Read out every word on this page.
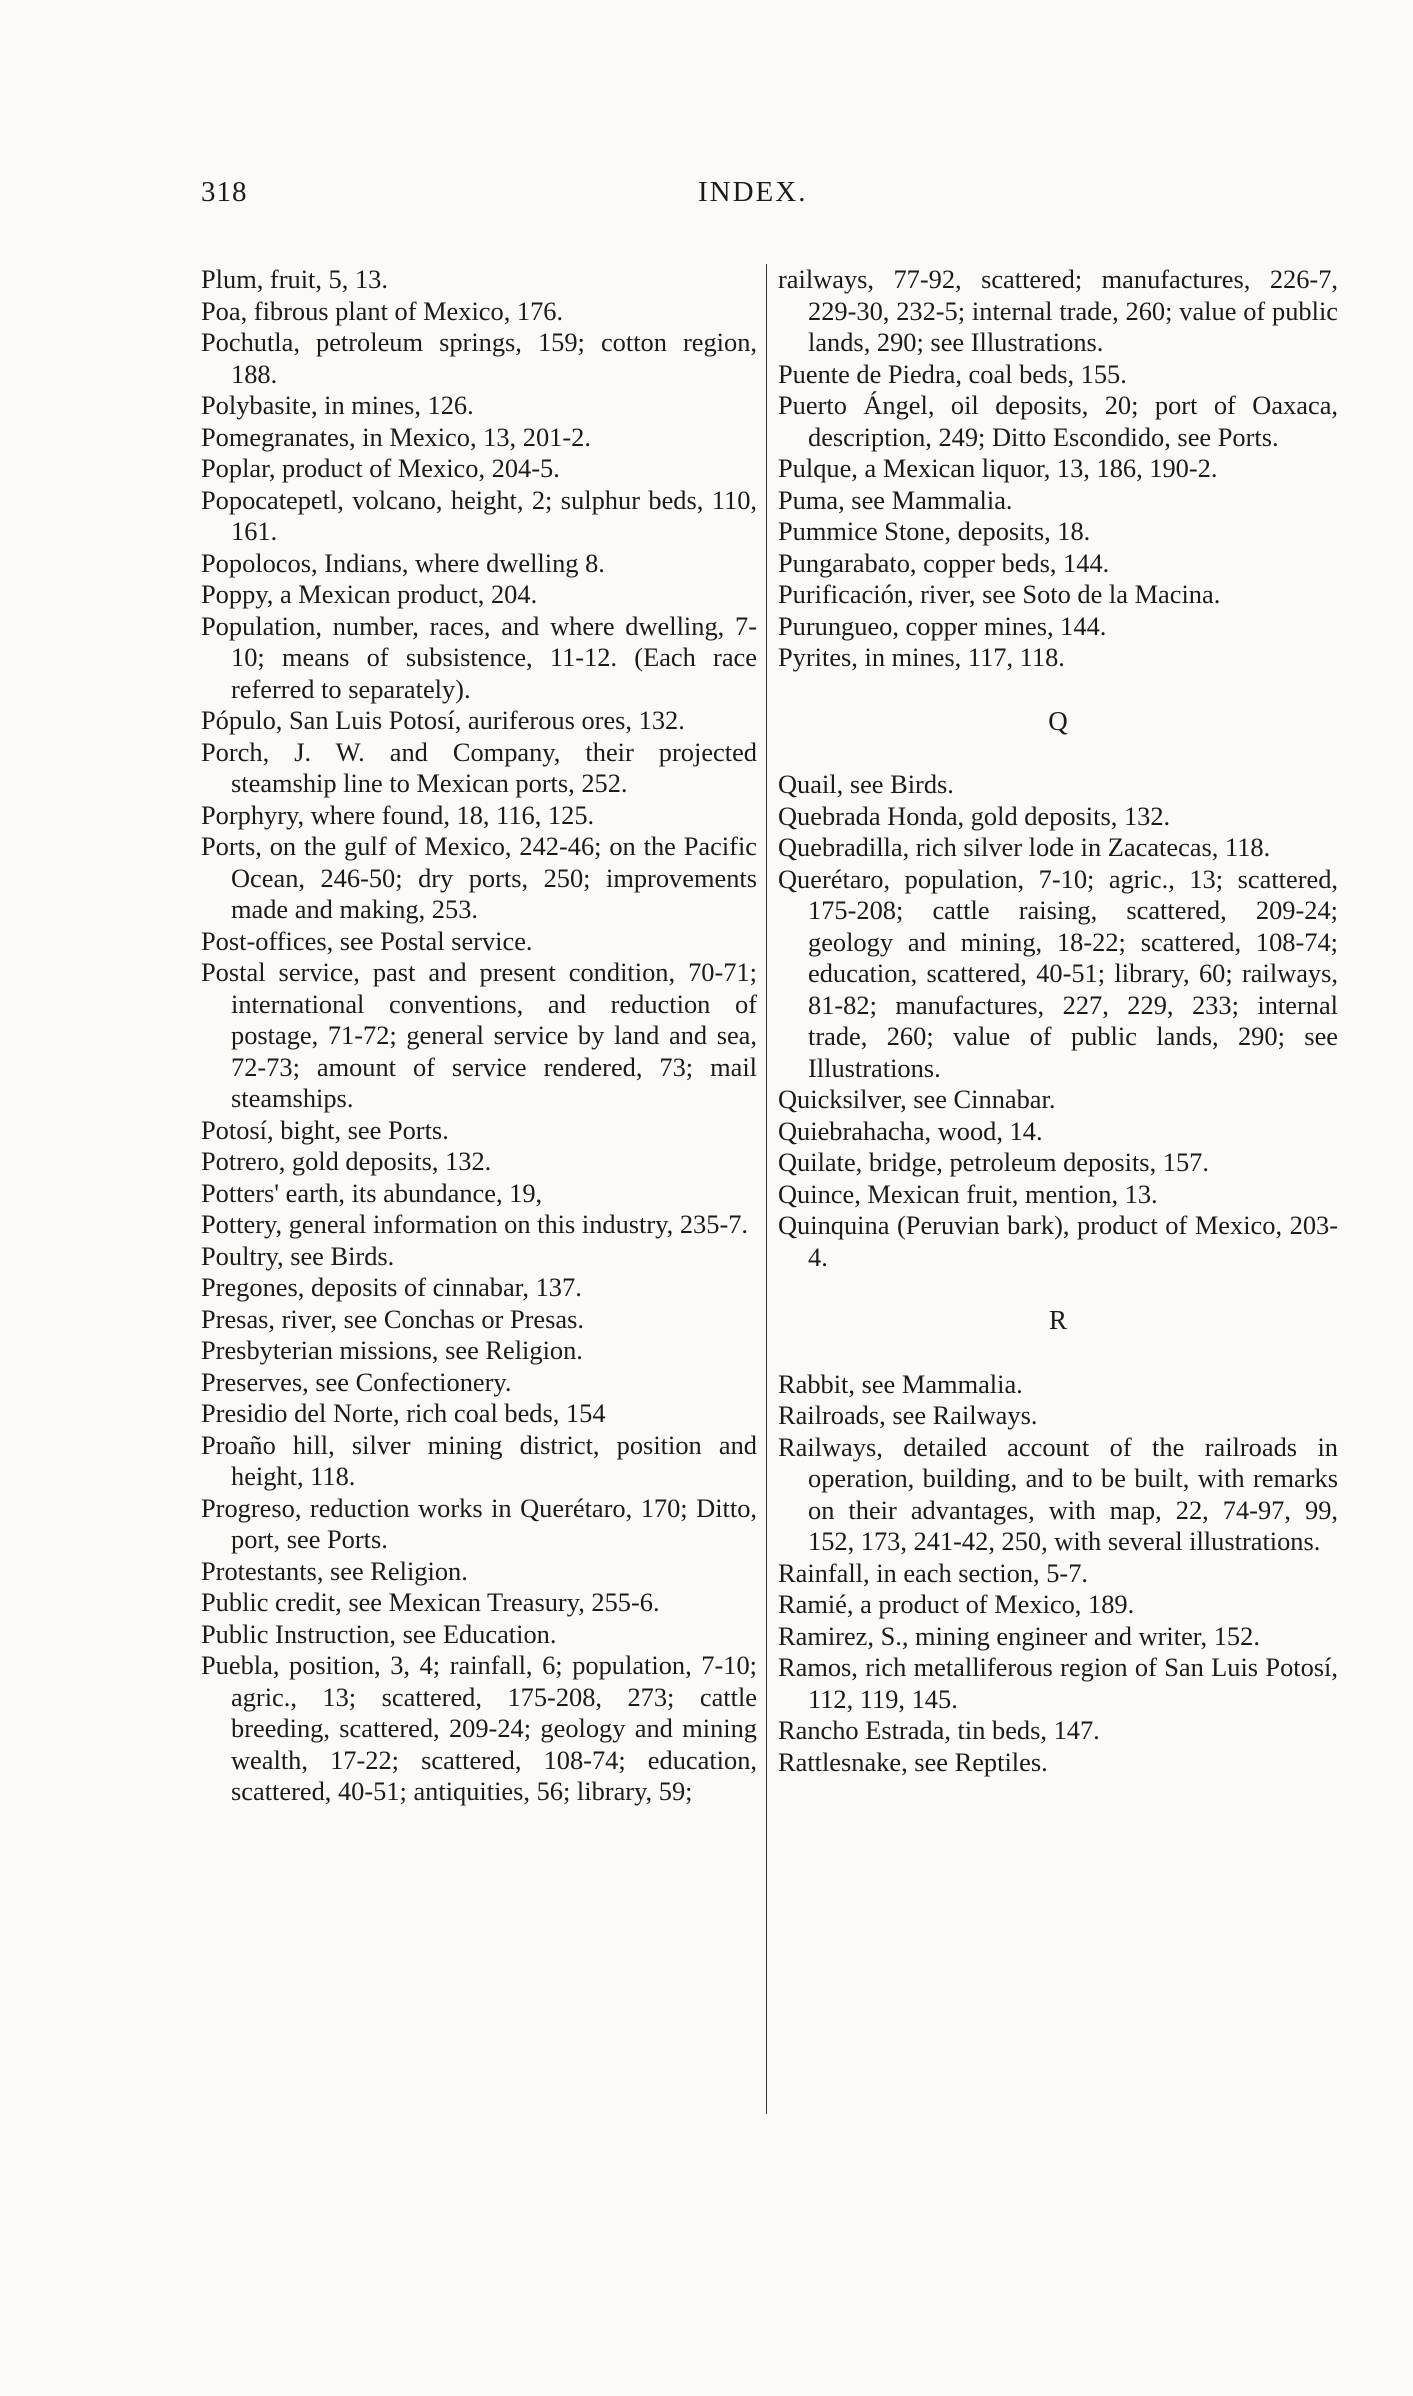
318	INDEX.

Plum, fruit, 5, 13.

Poa, fibrous plant of Mexico, 176.

Pochutla, petroleum springs, 159; cotton region, 188.

Polybasite, in mines, 126.

Pomegranates, in Mexico, 13, 201-2.

Poplar, product of Mexico, 204-5.

Popocatepetl, volcano, height, 2; sulphur beds, 110, 161.

Popolocos, Indians, where dwelling 8.

Poppy, a Mexican product, 204.

Population, number, races, and where dwelling, 7-10; means of subsistence, 11-12. (Each race referred to separately).

Pópulo, San Luis Potosí, auriferous ores, 132.

Porch, J. W. and Company, their projected steamship line to Mexican ports, 252.

Porphyry, where found, 18, 116, 125.

Ports, on the gulf of Mexico, 242-46; on the Pacific Ocean, 246-50; dry ports, 250; improvements made and making, 253.

Post-offices, see Postal service.

Postal service, past and present condition, 70-71; international conventions, and reduction of postage, 71-72; general service by land and sea, 72-73; amount of service rendered, 73; mail steamships.

Potosí, bight, see Ports.

Potrero, gold deposits, 132.

Potters' earth, its abundance, 19,

Pottery, general information on this industry, 235-7.

Poultry, see Birds.

Pregones, deposits of cinnabar, 137.

Presas, river, see Conchas or Presas.

Presbyterian missions, see Religion.

Preserves, see Confectionery.

Presidio del Norte, rich coal beds, 154

Proaño hill, silver mining district, position and height, 118.

Progreso, reduction works in Querétaro, 170; Ditto, port, see Ports.

Protestants, see Religion.

Public credit, see Mexican Treasury, 255-6.

Public Instruction, see Education.

Puebla, position, 3, 4; rainfall, 6; population, 7-10; agric., 13; scattered, 175-208, 273; cattle breeding, scattered, 209-24; geology and mining wealth, 17-22; scattered, 108-74; education, scattered, 40-51; antiquities, 56; library, 59;

railways, 77-92, scattered; manufactures, 226-7, 229-30, 232-5; internal trade, 260; value of public lands, 290; see Illustrations.

Puente de Piedra, coal beds, 155.

Puerto Ángel, oil deposits, 20; port of Oaxaca, description, 249; Ditto Escondido, see Ports.

Pulque, a Mexican liquor, 13, 186, 190-2.

Puma, see Mammalia.

Pummice Stone, deposits, 18.

Pungarabato, copper beds, 144.

Purificación, river, see Soto de la Macina.

Purungueo, copper mines, 144.

Pyrites, in mines, 117, 118.

Q

Quail, see Birds.

Quebrada Honda, gold deposits, 132.

Quebradilla, rich silver lode in Zacatecas, 118.

Querétaro, population, 7-10; agric., 13; scattered, 175-208; cattle raising, scattered, 209-24; geology and mining, 18-22; scattered, 108-74; education, scattered, 40-51; library, 60; railways, 81-82; manufactures, 227, 229, 233; internal trade, 260; value of public lands, 290; see Illustrations.

Quicksilver, see Cinnabar.

Quiebrahacha, wood, 14.

Quilate, bridge, petroleum deposits, 157.

Quince, Mexican fruit, mention, 13.

Quinquina (Peruvian bark), product of Mexico, 203-4.

R

Rabbit, see Mammalia.

Railroads, see Railways.

Railways, detailed account of the railroads in operation, building, and to be built, with remarks on their advantages, with map, 22, 74-97, 99, 152, 173, 241-42, 250, with several illustrations.

Rainfall, in each section, 5-7.

Ramié, a product of Mexico, 189.

Ramirez, S., mining engineer and writer, 152.

Ramos, rich metalliferous region of San Luis Potosí, 112, 119, 145.

Rancho Estrada, tin beds, 147.

Rattlesnake, see Reptiles.
